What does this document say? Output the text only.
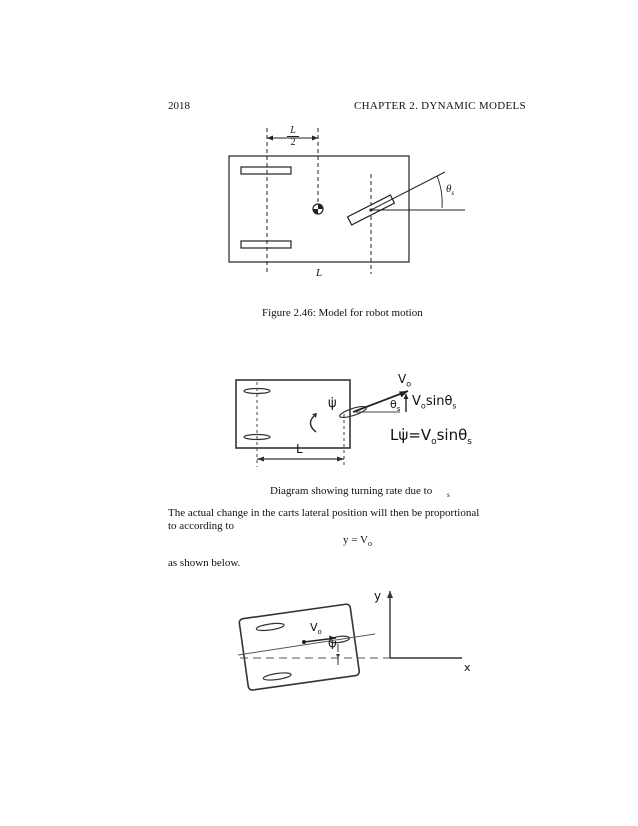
2018	CHAPTER 2. DYNAMIC MODELS
L
2
L
$\theta_s$
Figure 2.46: Model for robot motion
ψ̇
$V_o$
$\theta_s$
$V_o\sin\theta_s$
$L\psi̇=V_o\sin\theta_s$
L
Diagram showing turning rate due to $_s$
The actual change in the carts lateral position will then be proportional
to according to
$y = V_o$
as shown below.
$V_o$
Ψ
y
x
